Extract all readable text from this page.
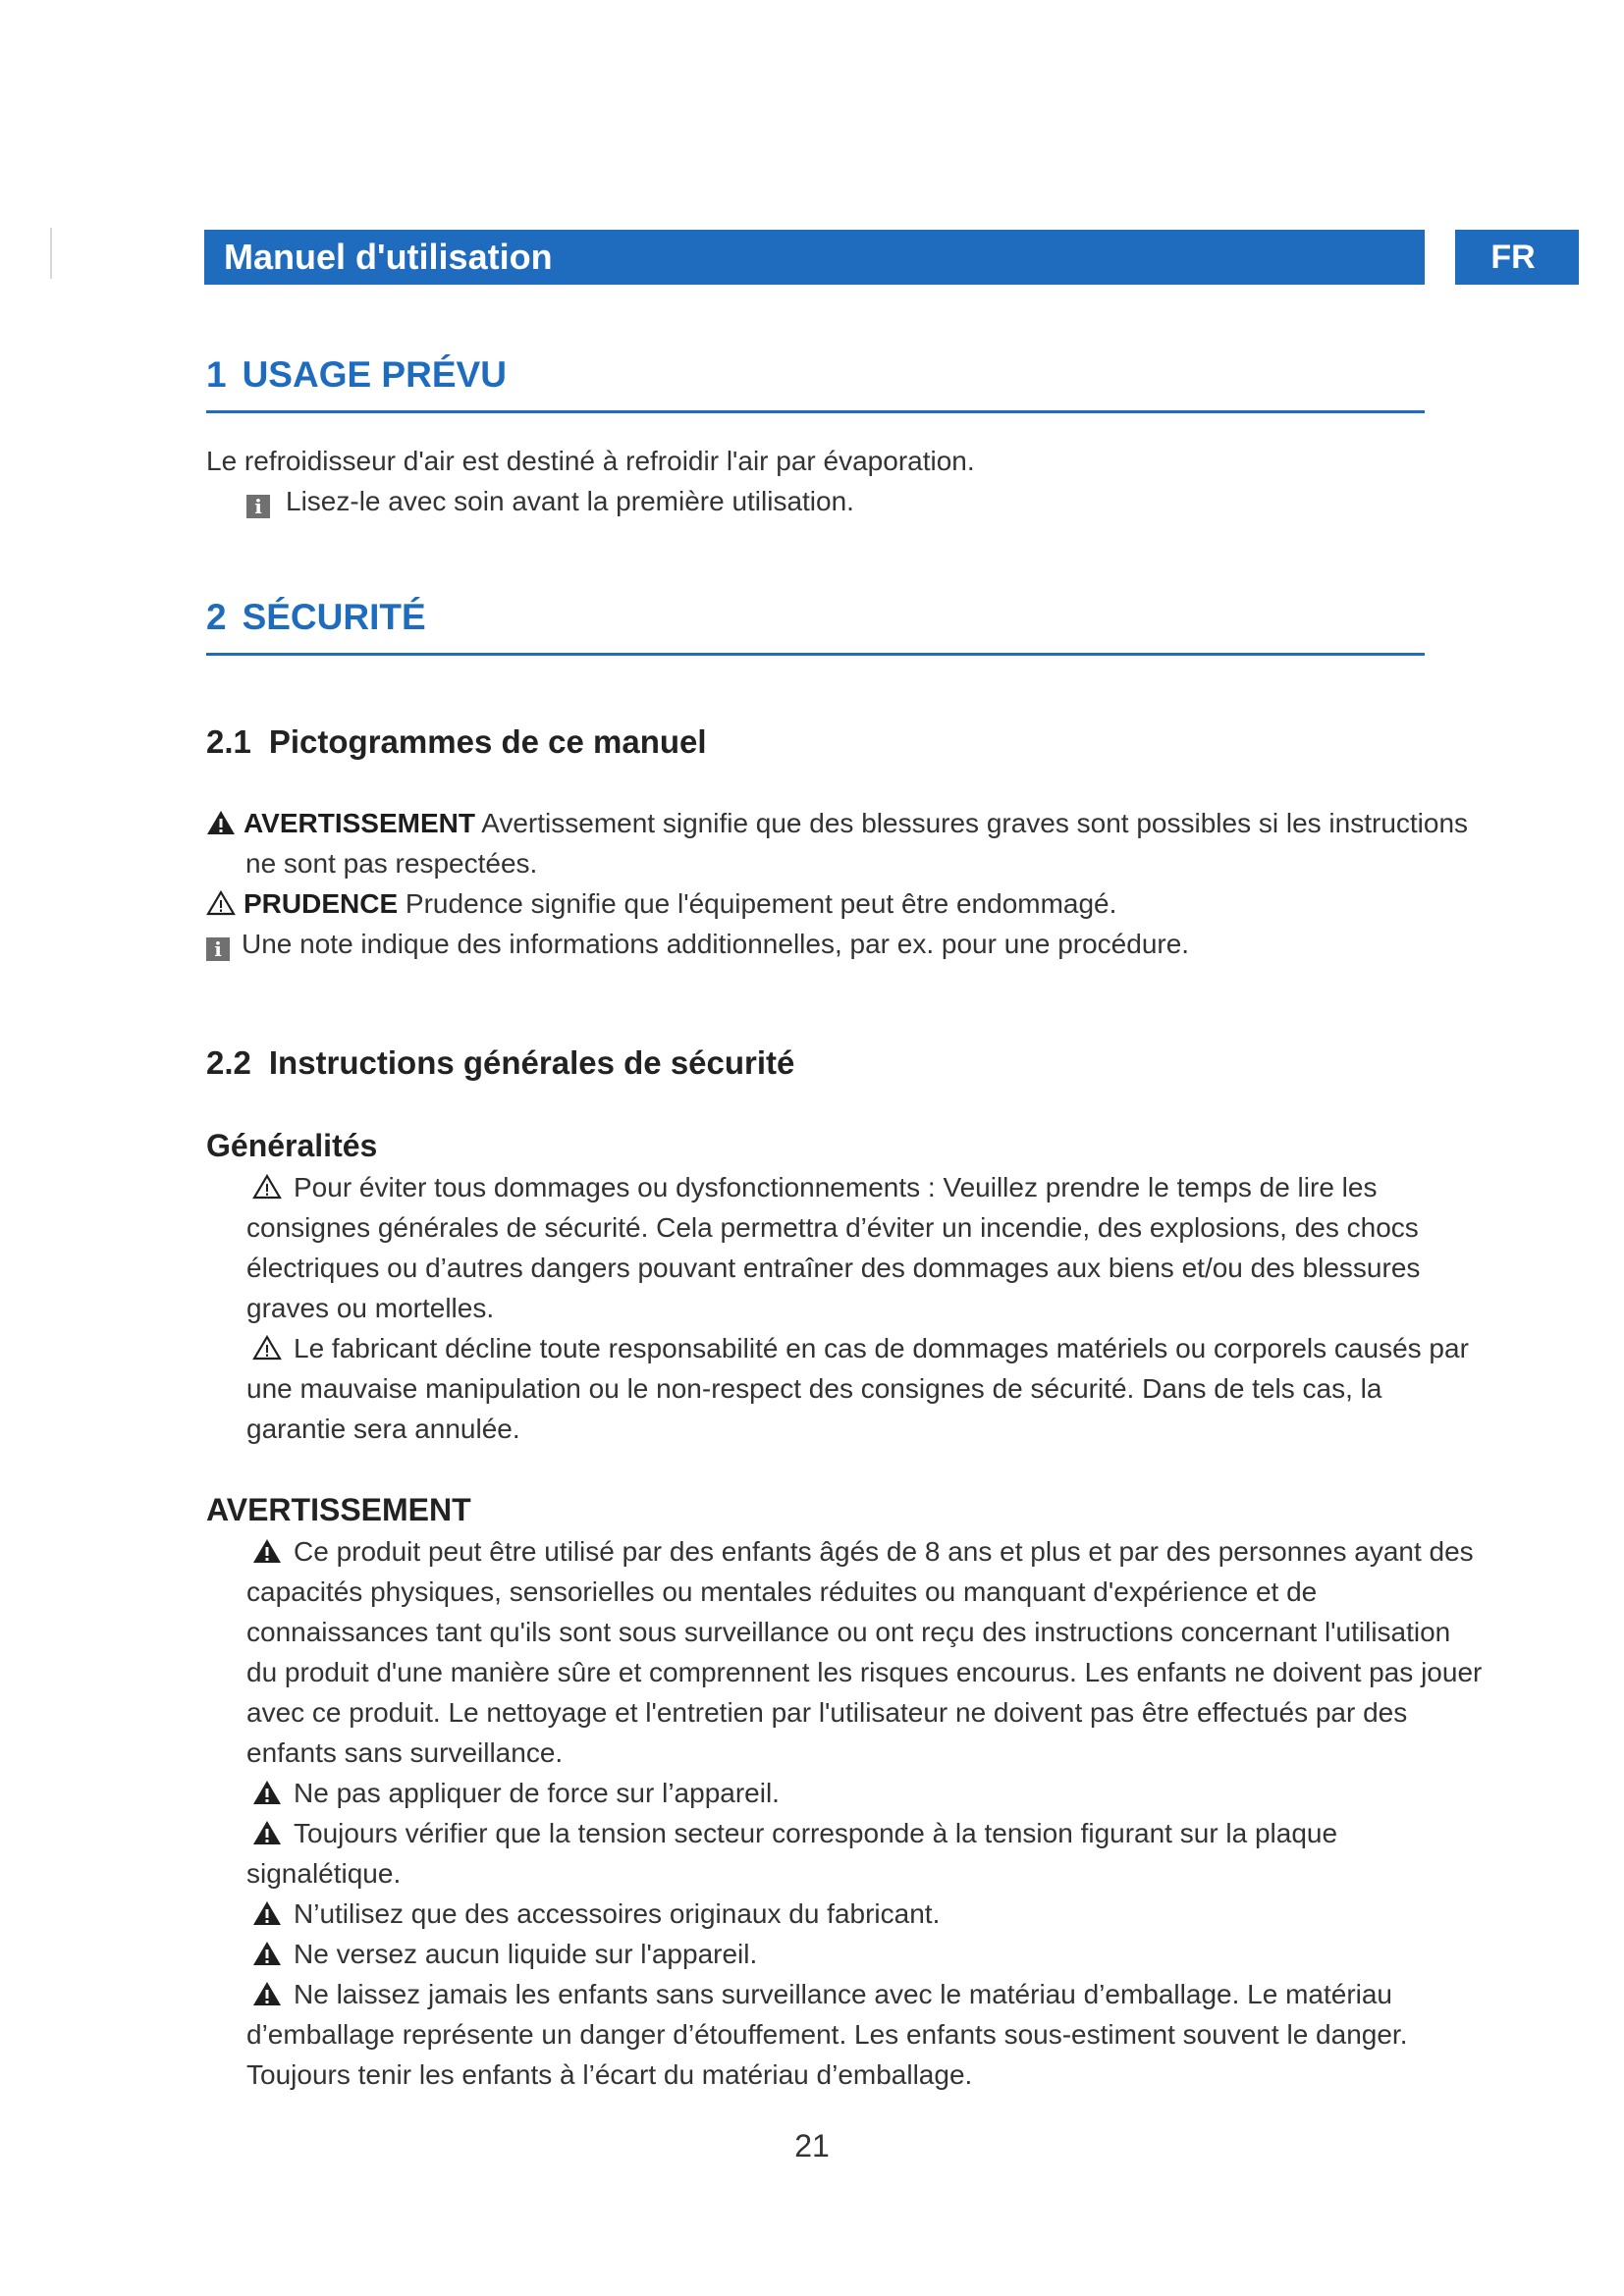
Manuel d'utilisation	FR
1 USAGE PRÉVU
Le refroidisseur d'air est destiné à refroidir l'air par évaporation.
i Lisez-le avec soin avant la première utilisation.
2 SÉCURITÉ
2.1 Pictogrammes de ce manuel
AVERTISSEMENT Avertissement signifie que des blessures graves sont possibles si les instructions ne sont pas respectées.
PRUDENCE Prudence signifie que l'équipement peut être endommagé.
i Une note indique des informations additionnelles, par ex. pour une procédure.
2.2 Instructions générales de sécurité
Généralités
Pour éviter tous dommages ou dysfonctionnements : Veuillez prendre le temps de lire les consignes générales de sécurité. Cela permettra d’éviter un incendie, des explosions, des chocs électriques ou d’autres dangers pouvant entraîner des dommages aux biens et/ou des blessures graves ou mortelles.
Le fabricant décline toute responsabilité en cas de dommages matériels ou corporels causés par une mauvaise manipulation ou le non-respect des consignes de sécurité. Dans de tels cas, la garantie sera annulée.
AVERTISSEMENT
Ce produit peut être utilisé par des enfants âgés de 8 ans et plus et par des personnes ayant des capacités physiques, sensorielles ou mentales réduites ou manquant d'expérience et de connaissances tant qu'ils sont sous surveillance ou ont reçu des instructions concernant l'utilisation du produit d'une manière sûre et comprennent les risques encourus. Les enfants ne doivent pas jouer avec ce produit. Le nettoyage et l'entretien par l'utilisateur ne doivent pas être effectués par des enfants sans surveillance.
Ne pas appliquer de force sur l’appareil.
Toujours vérifier que la tension secteur corresponde à la tension figurant sur la plaque signalétique.
N’utilisez que des accessoires originaux du fabricant.
Ne versez aucun liquide sur l'appareil.
Ne laissez jamais les enfants sans surveillance avec le matériau d’emballage. Le matériau d’emballage représente un danger d’étouffement. Les enfants sous-estiment souvent le danger. Toujours tenir les enfants à l’écart du matériau d’emballage.
21
